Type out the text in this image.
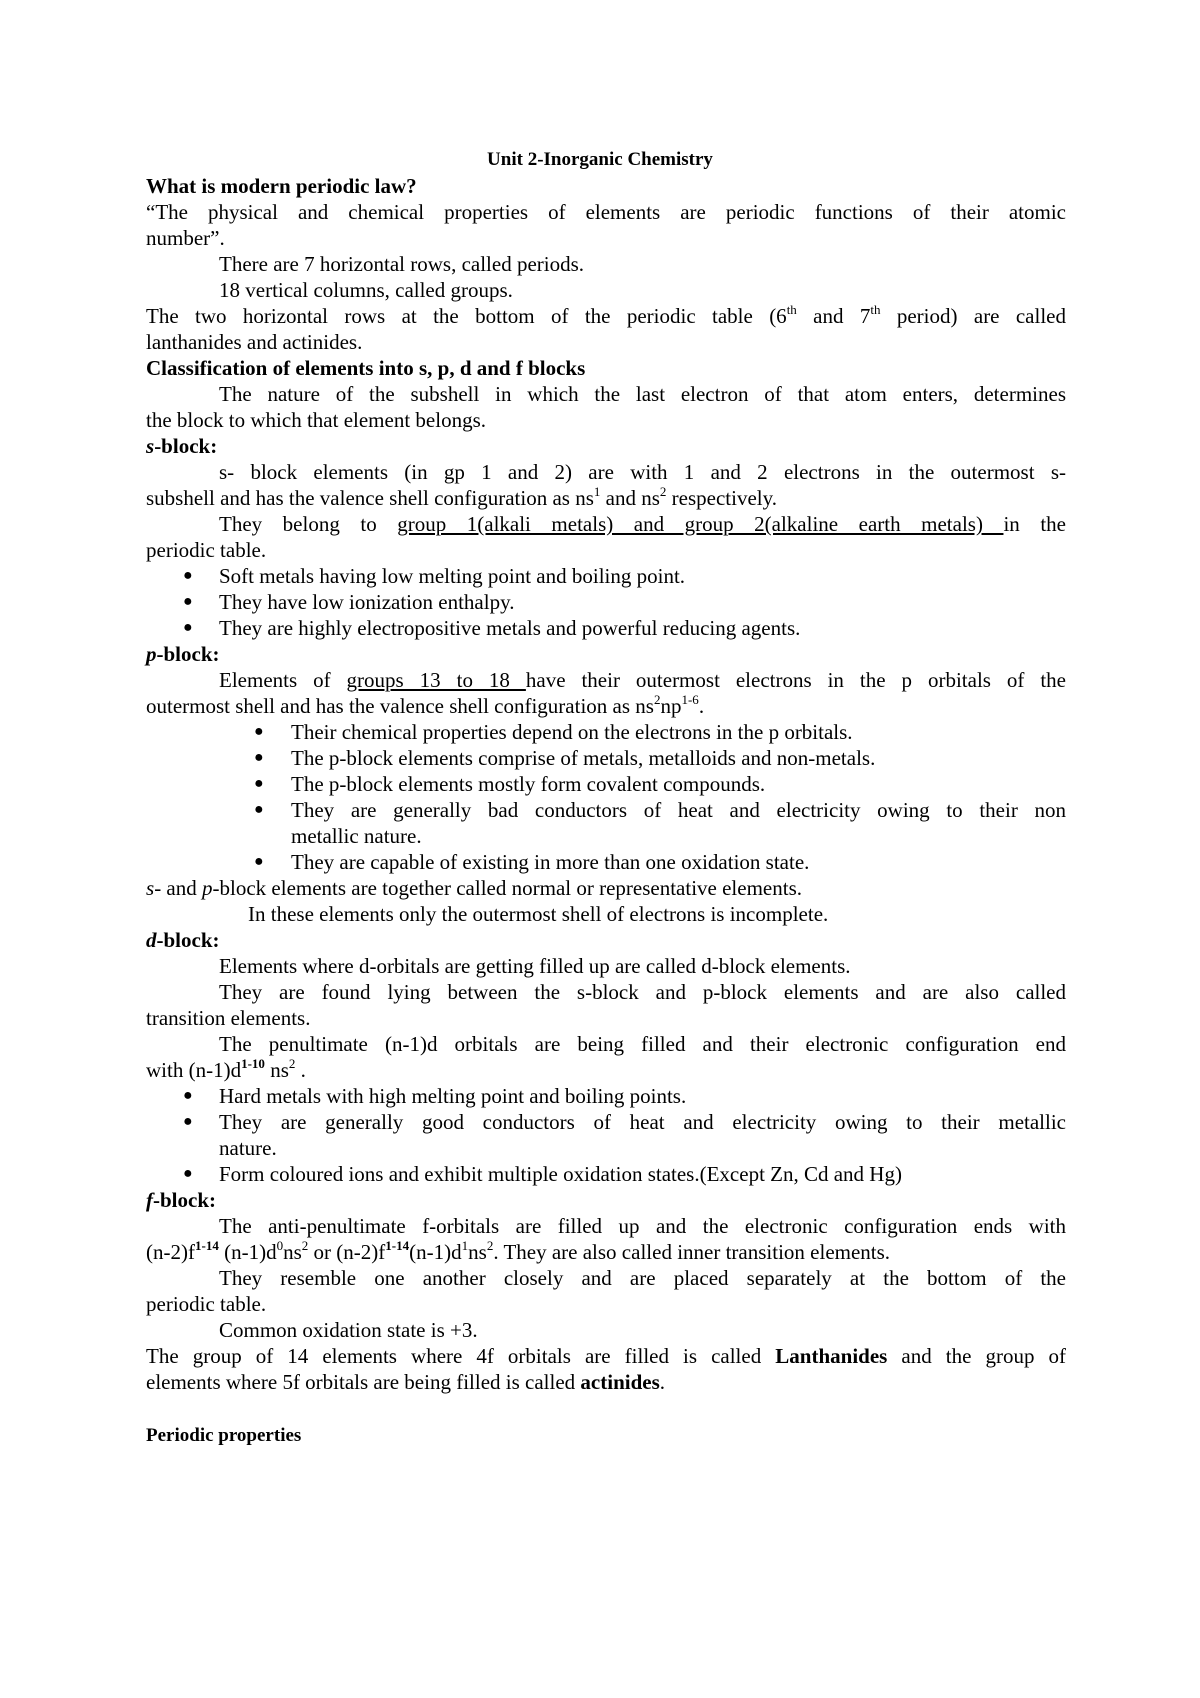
Unit 2-Inorganic Chemistry
What is modern periodic law?
“The physical and chemical properties of elements are periodic functions of their atomic
number”.
There are 7 horizontal rows, called periods.
18 vertical columns, called groups.
The two horizontal rows at the bottom of the periodic table (6th and 7th period) are called
lanthanides and actinides.
Classification of elements into s, p, d and f blocks
The nature of the subshell in which the last electron of that atom enters, determines
the block to which that element belongs.
s-block:
s- block elements (in gp 1 and 2) are with 1 and 2 electrons in the outermost s-
subshell and has the valence shell configuration as $ns^1$ and $ns^2$ respectively.
They belong to group 1(alkali metals) and group 2(alkaline earth metals) in the
periodic table.
●	Soft metals having low melting point and boiling point.
●	They have low ionization enthalpy.
●	They are highly electropositive metals and powerful reducing agents.
p-block:
Elements of groups 13 to 18 have their outermost electrons in the p orbitals of the
outermost shell and has the valence shell configuration as $ns^2np^{1-6}$.
●	Their chemical properties depend on the electrons in the p orbitals.
●	The p-block elements comprise of metals, metalloids and non-metals.
●	The p-block elements mostly form covalent compounds.
●	They are generally bad conductors of heat and electricity owing to their non
metallic nature.
●	They are capable of existing in more than one oxidation state.
s- and p-block elements are together called normal or representative elements.
In these elements only the outermost shell of electrons is incomplete.
d-block:
Elements where d-orbitals are getting filled up are called d-block elements.
They are found lying between the s-block and p-block elements and are also called
transition elements.
The penultimate (n-1)d orbitals are being filled and their electronic configuration end
with $(n-1)d^{1-10}$ $ns^2$ .
●	Hard metals with high melting point and boiling points.
●	They are generally good conductors of heat and electricity owing to their metallic
nature.
●	Form coloured ions and exhibit multiple oxidation states.(Except Zn, Cd and Hg)
f-block:
The anti-penultimate f-orbitals are filled up and the electronic configuration ends with
$(n-2)f^{1-14}$ $(n-1)d^0ns^2$ or $(n-2)f^{1-14}(n-1)d^1ns^2$. They are also called inner transition elements.
They resemble one another closely and are placed separately at the bottom of the
periodic table.
Common oxidation state is +3.
The group of 14 elements where 4f orbitals are filled is called Lanthanides and the group of
elements where 5f orbitals are being filled is called actinides.
Periodic properties
